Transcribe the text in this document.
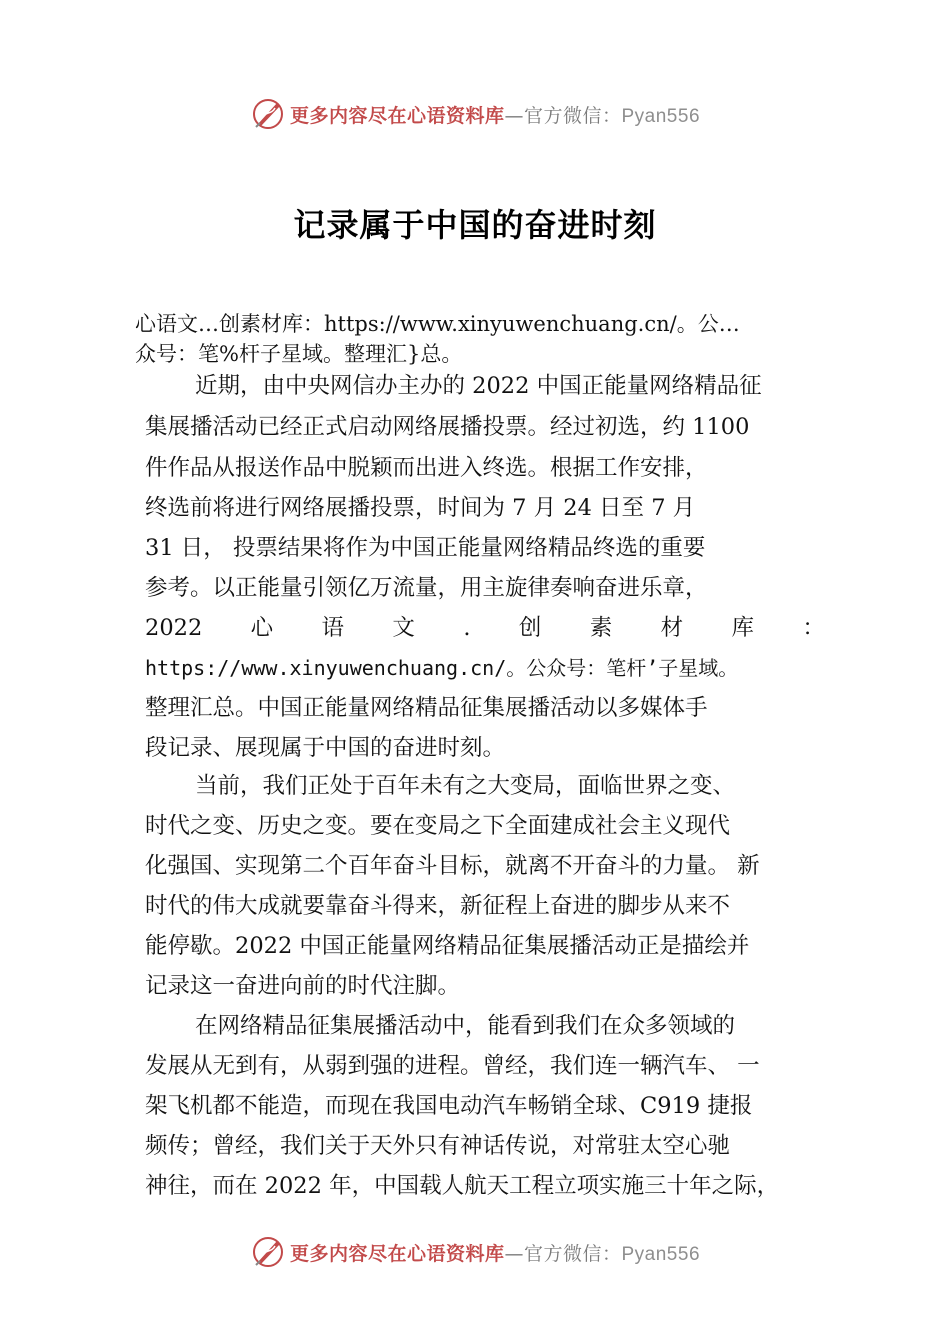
更多内容尽在心语资料库—官方微信：Pyan556
记录属于中国的奋进时刻
心语文…创素材库：https://www.xinyuwenchuang.cn/。公…
众号：笔%杆子星域。整理汇}总。
近期，由中央网信办主办的 2022 中国正能量网络精品征
集展播活动已经正式启动网络展播投票。经过初选，约 1100
件作品从报送作品中脱颖而出进入终选。根据工作安排，
终选前将进行网络展播投票，时间为 7 月 24 日至 7 月
31 日， 投票结果将作为中国正能量网络精品终选的重要
参考。以正能量引领亿万流量，用主旋律奏响奋进乐章，
2022 心 语 文 . 创 素 材 库 ：
https://www.xinyuwenchuang.cn/。公众号：笔杆’子星域。
整理汇总。中国正能量网络精品征集展播活动以多媒体手
段记录、展现属于中国的奋进时刻。
当前，我们正处于百年未有之大变局，面临世界之变、
时代之变、历史之变。要在变局之下全面建成社会主义现代
化强国、实现第二个百年奋斗目标，就离不开奋斗的力量。 新
时代的伟大成就要靠奋斗得来，新征程上奋进的脚步从来不
能停歇。2022 中国正能量网络精品征集展播活动正是描绘并
记录这一奋进向前的时代注脚。
在网络精品征集展播活动中，能看到我们在众多领域的
发展从无到有，从弱到强的进程。曾经，我们连一辆汽车、 一
架飞机都不能造，而现在我国电动汽车畅销全球、C919 捷报
频传；曾经，我们关于天外只有神话传说，对常驻太空心驰
神往，而在 2022 年，中国载人航天工程立项实施三十年之际，
更多内容尽在心语资料库—官方微信：Pyan556
